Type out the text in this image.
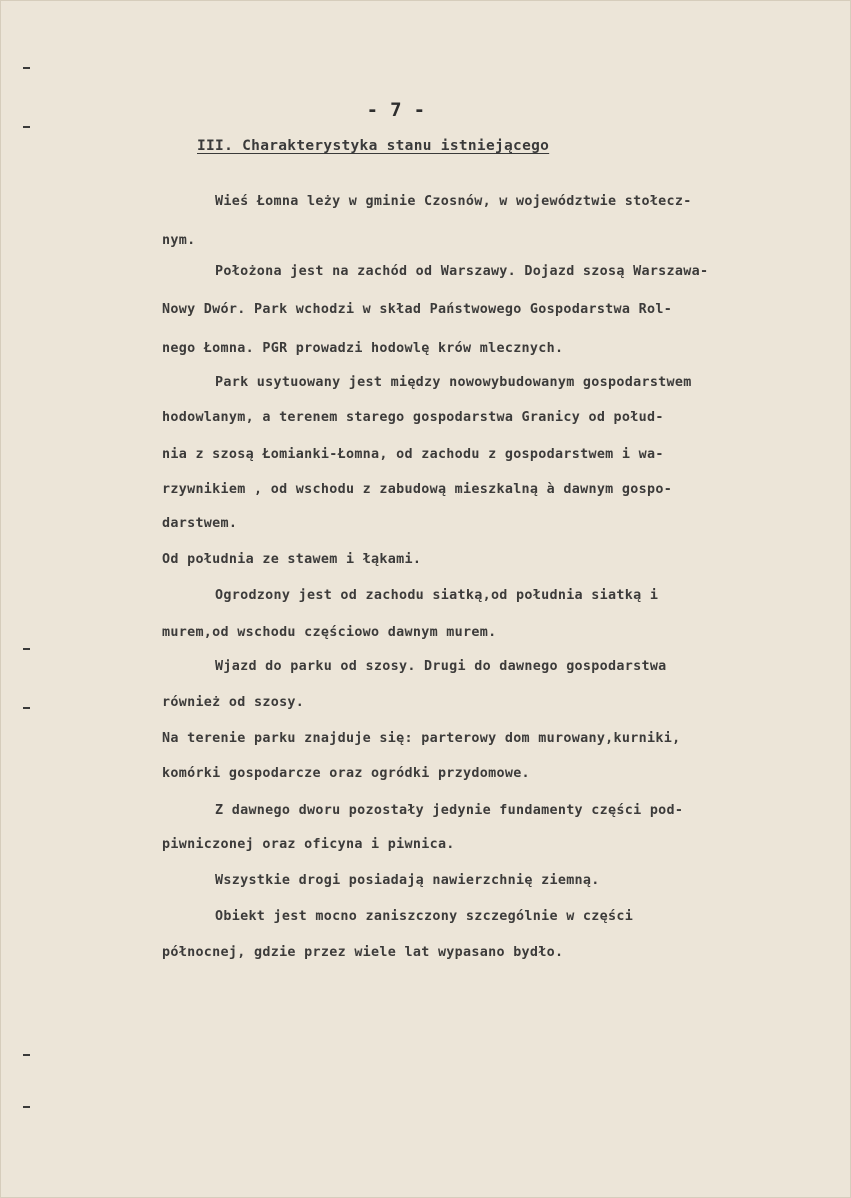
- 7 -
III. Charakterystyka stanu istniejącego
Wieś Łomna leży w gminie Czosnów, w województwie stołecz-
nym.
Położona jest na zachód od Warszawy. Dojazd szosą Warszawa-
Nowy Dwór. Park wchodzi w skład Państwowego Gospodarstwa Rol-
nego Łomna. PGR prowadzi hodowlę krów mlecznych.
Park usytuowany jest między nowowybudowanym gospodarstwem
hodowlanym, a terenem starego gospodarstwa Granicy od połud-
nia z szosą Łomianki-Łomna, od zachodu z gospodarstwem i wa-
rzywnikiem , od wschodu z zabudową mieszkalną à dawnym gospo-
darstwem.
Od południa ze stawem i łąkami.
Ogrodzony jest od zachodu siatką,od południa siatką i
murem,od wschodu częściowo dawnym murem.
Wjazd do parku od szosy. Drugi do dawnego gospodarstwa
również od szosy.
Na terenie parku znajduje się: parterowy dom murowany,kurniki,
komórki gospodarcze oraz ogródki przydomowe.
Z dawnego dworu pozostały jedynie fundamenty części pod-
piwniczonej oraz oficyna i piwnica.
Wszystkie drogi posiadają nawierzchnię ziemną.
Obiekt jest mocno zaniszczony szczególnie w części
północnej, gdzie przez wiele lat wypasano bydło.
